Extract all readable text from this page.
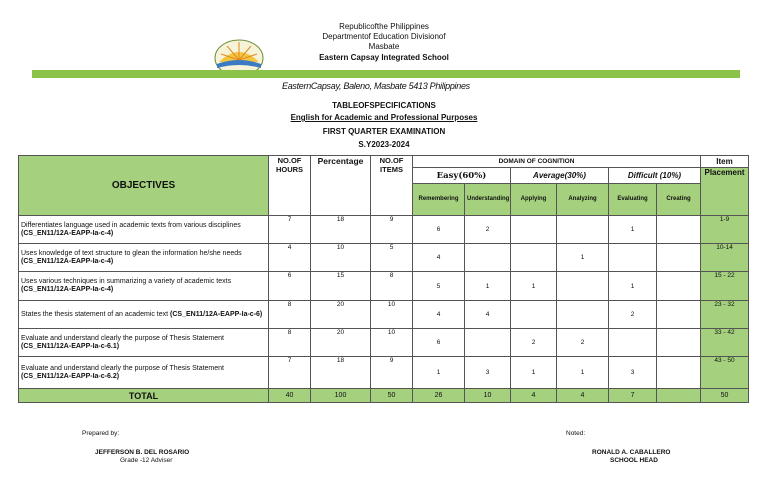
Republicofthe Philippines
Departmentof Education Divisionof
Masbate
Eastern Capsay Integrated School
EasternCapsay, Baleno, Masbate 5413 Philippines
TABLEOFSPECIFICATIONS
English for Academic and Professional Purposes
FIRST QUARTER EXAMINATION
S.Y2023-2024
OBJECTIVES	NO.OF HOURS	Percentage	NO.OF ITEMS		DOMAIN OF COGNITION					Item
				Easy(60%)		Average(30%)		Difficult (10%)		Placement
				Remembering	Understanding	Applying	Analyzing	Evaluating	Creating	
Differentiates language used in academic texts from various disciplines (CS_EN11/12A-EAPP-Ia-c-4)	7	18	9	6	2			1		1-9
Uses knowledge of text structure to glean the information he/she needs (CS_EN11/12A-EAPP-Ia-c-4)	4	10	5	4			1			10-14
Uses various techniques in summarizing a variety of academic texts (CS_EN11/12A-EAPP-Ia-c-4)	6	15	8	5	1	1		1		15 - 22
States the thesis statement of an academic text (CS_EN11/12A-EAPP-Ia-c-6)	8	20	10	4	4			2		23 - 32
Evaluate and understand clearly the purpose of Thesis Statement (CS_EN11/12A-EAPP-Ia-c-6.1)	8	20	10	6		2	2			33 - 42
Evaluate and understand clearly the purpose of Thesis Statement (CS_EN11/12A-EAPP-Ia-c-6.2)	7	18	9	1	3	1	1	3		43 - 50
TOTAL	40	100	50	26	10	4	4	7		50
Prepared by:
JEFFERSON B. DEL ROSARIO
Grade -12 Adviser
Noted:
RONALD A. CABALLERO
SCHOOL HEAD
